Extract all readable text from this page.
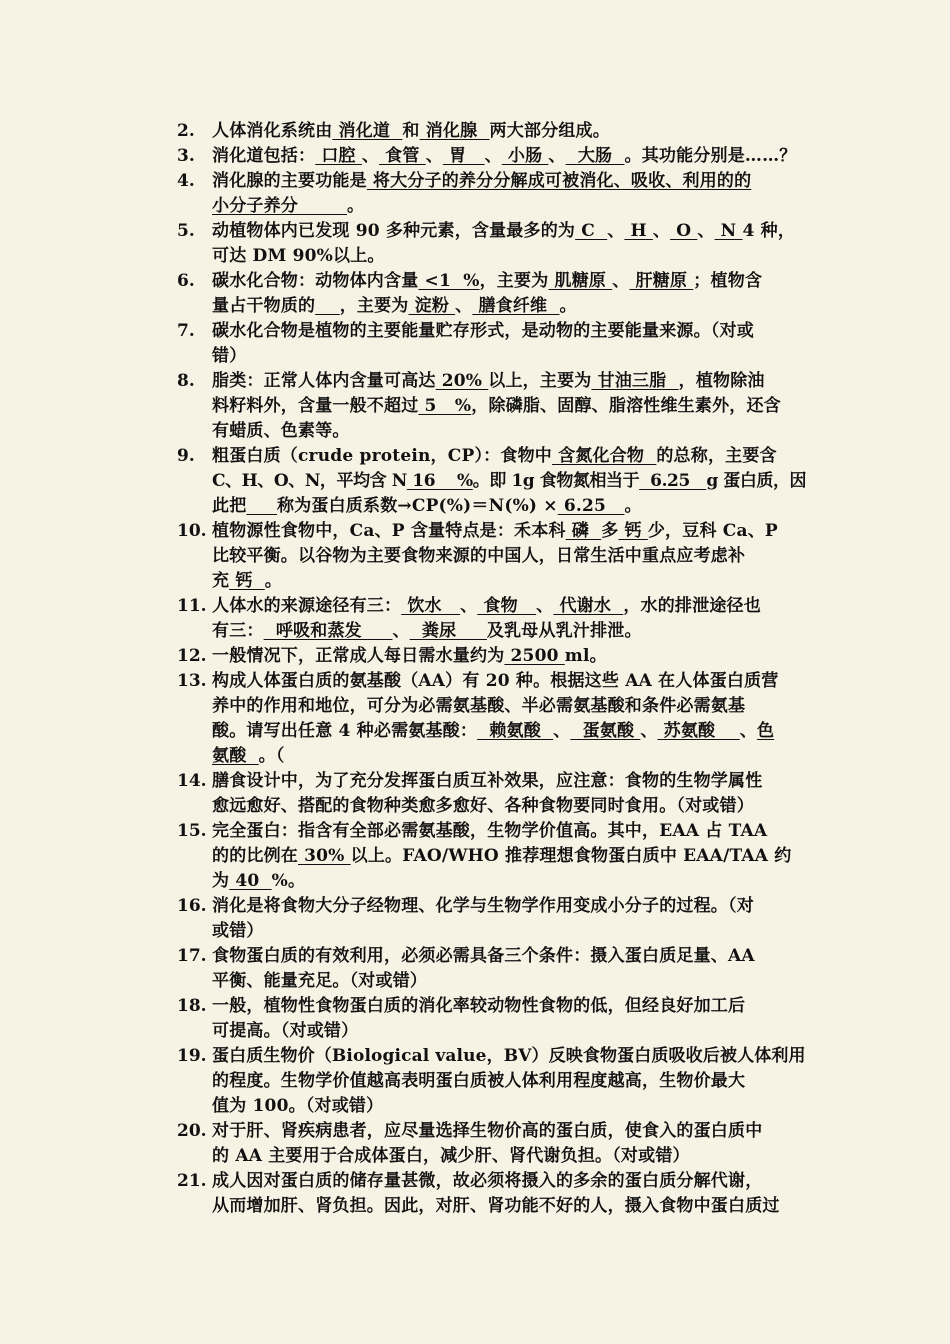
2. 人体消化系统由 消化道  和 消化腺  两大部分组成。
3. 消化道包括： 口腔 、 食管 、 胃   、 小肠 、  大肠  。其功能分别是……？
4. 消化腺的主要功能是 将大分子的养分分解成可被消化、吸收、利用的的
小分子养分        。
5. 动植物体内已发现 90 多种元素，含量最多的为 C  、 H 、 O 、 N 4 种，
可达 DM 90%以上。
6. 碳水化合物：动物体内含量 <1  %，主要为 肌糖原 、 肝糖原 ；植物含
量占干物质的 ，主要为 淀粉 、 膳食纤维  。
7. 碳水化合物是植物的主要能量贮存形式，是动物的主要能量来源。（对或
错）
8. 脂类：正常人体内含量可高达 20% 以上，主要为 甘油三脂  ，植物除油
料籽料外，含量一般不超过 5   %，除磷脂、固醇、脂溶性维生素外，还含
有蜡质、色素等。
9. 粗蛋白质（crude protein，CP）：食物中 含氮化合物  的总称，主要含
C、H、O、N，平均含 N 16    %。即 1g 食物氮相当于  6.25   g 蛋白质，因
此把 称为蛋白质系数→CP(%)＝N(%) × 6.25   。
10. 植物源性食物中，Ca、P 含量特点是：禾本科 磷  多 钙 少，豆科 Ca、P
比较平衡。以谷物为主要食物来源的中国人，日常生活中重点应考虑补
充 钙  。
11. 人体水的来源途径有三： 饮水   、 食物   、 代谢水  ，水的排泄途径也
有三：  呼吸和蒸发     、  粪尿     及乳母从乳汁排泄。
12. 一般情况下，正常成人每日需水量约为 2500 ml。
13. 构成人体蛋白质的氨基酸（AA）有 20 种。根据这些 AA 在人体蛋白质营
养中的作用和地位，可分为必需氨基酸、半必需氨基酸和条件必需氨基
酸。请写出任意 4 种必需氨基酸：  赖氨酸  、  蛋氨酸 、 苏氨酸    、色
氨酸  。（
14. 膳食设计中，为了充分发挥蛋白质互补效果，应注意：食物的生物学属性
愈远愈好、搭配的食物种类愈多愈好、各种食物要同时食用。（对或错）
15. 完全蛋白：指含有全部必需氨基酸，生物学价值高。其中，EAA 占 TAA
的的比例在 30% 以上。FAO/WHO 推荐理想食物蛋白质中 EAA/TAA 约
为 40  %。
16. 消化是将食物大分子经物理、化学与生物学作用变成小分子的过程。（对
或错）
17. 食物蛋白质的有效利用，必须必需具备三个条件：摄入蛋白质足量、AA
平衡、能量充足。（对或错）
18. 一般，植物性食物蛋白质的消化率较动物性食物的低，但经良好加工后
可提高。（对或错）
19. 蛋白质生物价（Biological value，BV）反映食物蛋白质吸收后被人体利用
的程度。生物学价值越高表明蛋白质被人体利用程度越高，生物价最大
值为 100。（对或错）
20. 对于肝、肾疾病患者，应尽量选择生物价高的蛋白质，使食入的蛋白质中
的 AA 主要用于合成体蛋白，减少肝、肾代谢负担。（对或错）
21. 成人因对蛋白质的储存量甚微，故必须将摄入的多余的蛋白质分解代谢，
从而增加肝、肾负担。因此，对肝、肾功能不好的人，摄入食物中蛋白质过
